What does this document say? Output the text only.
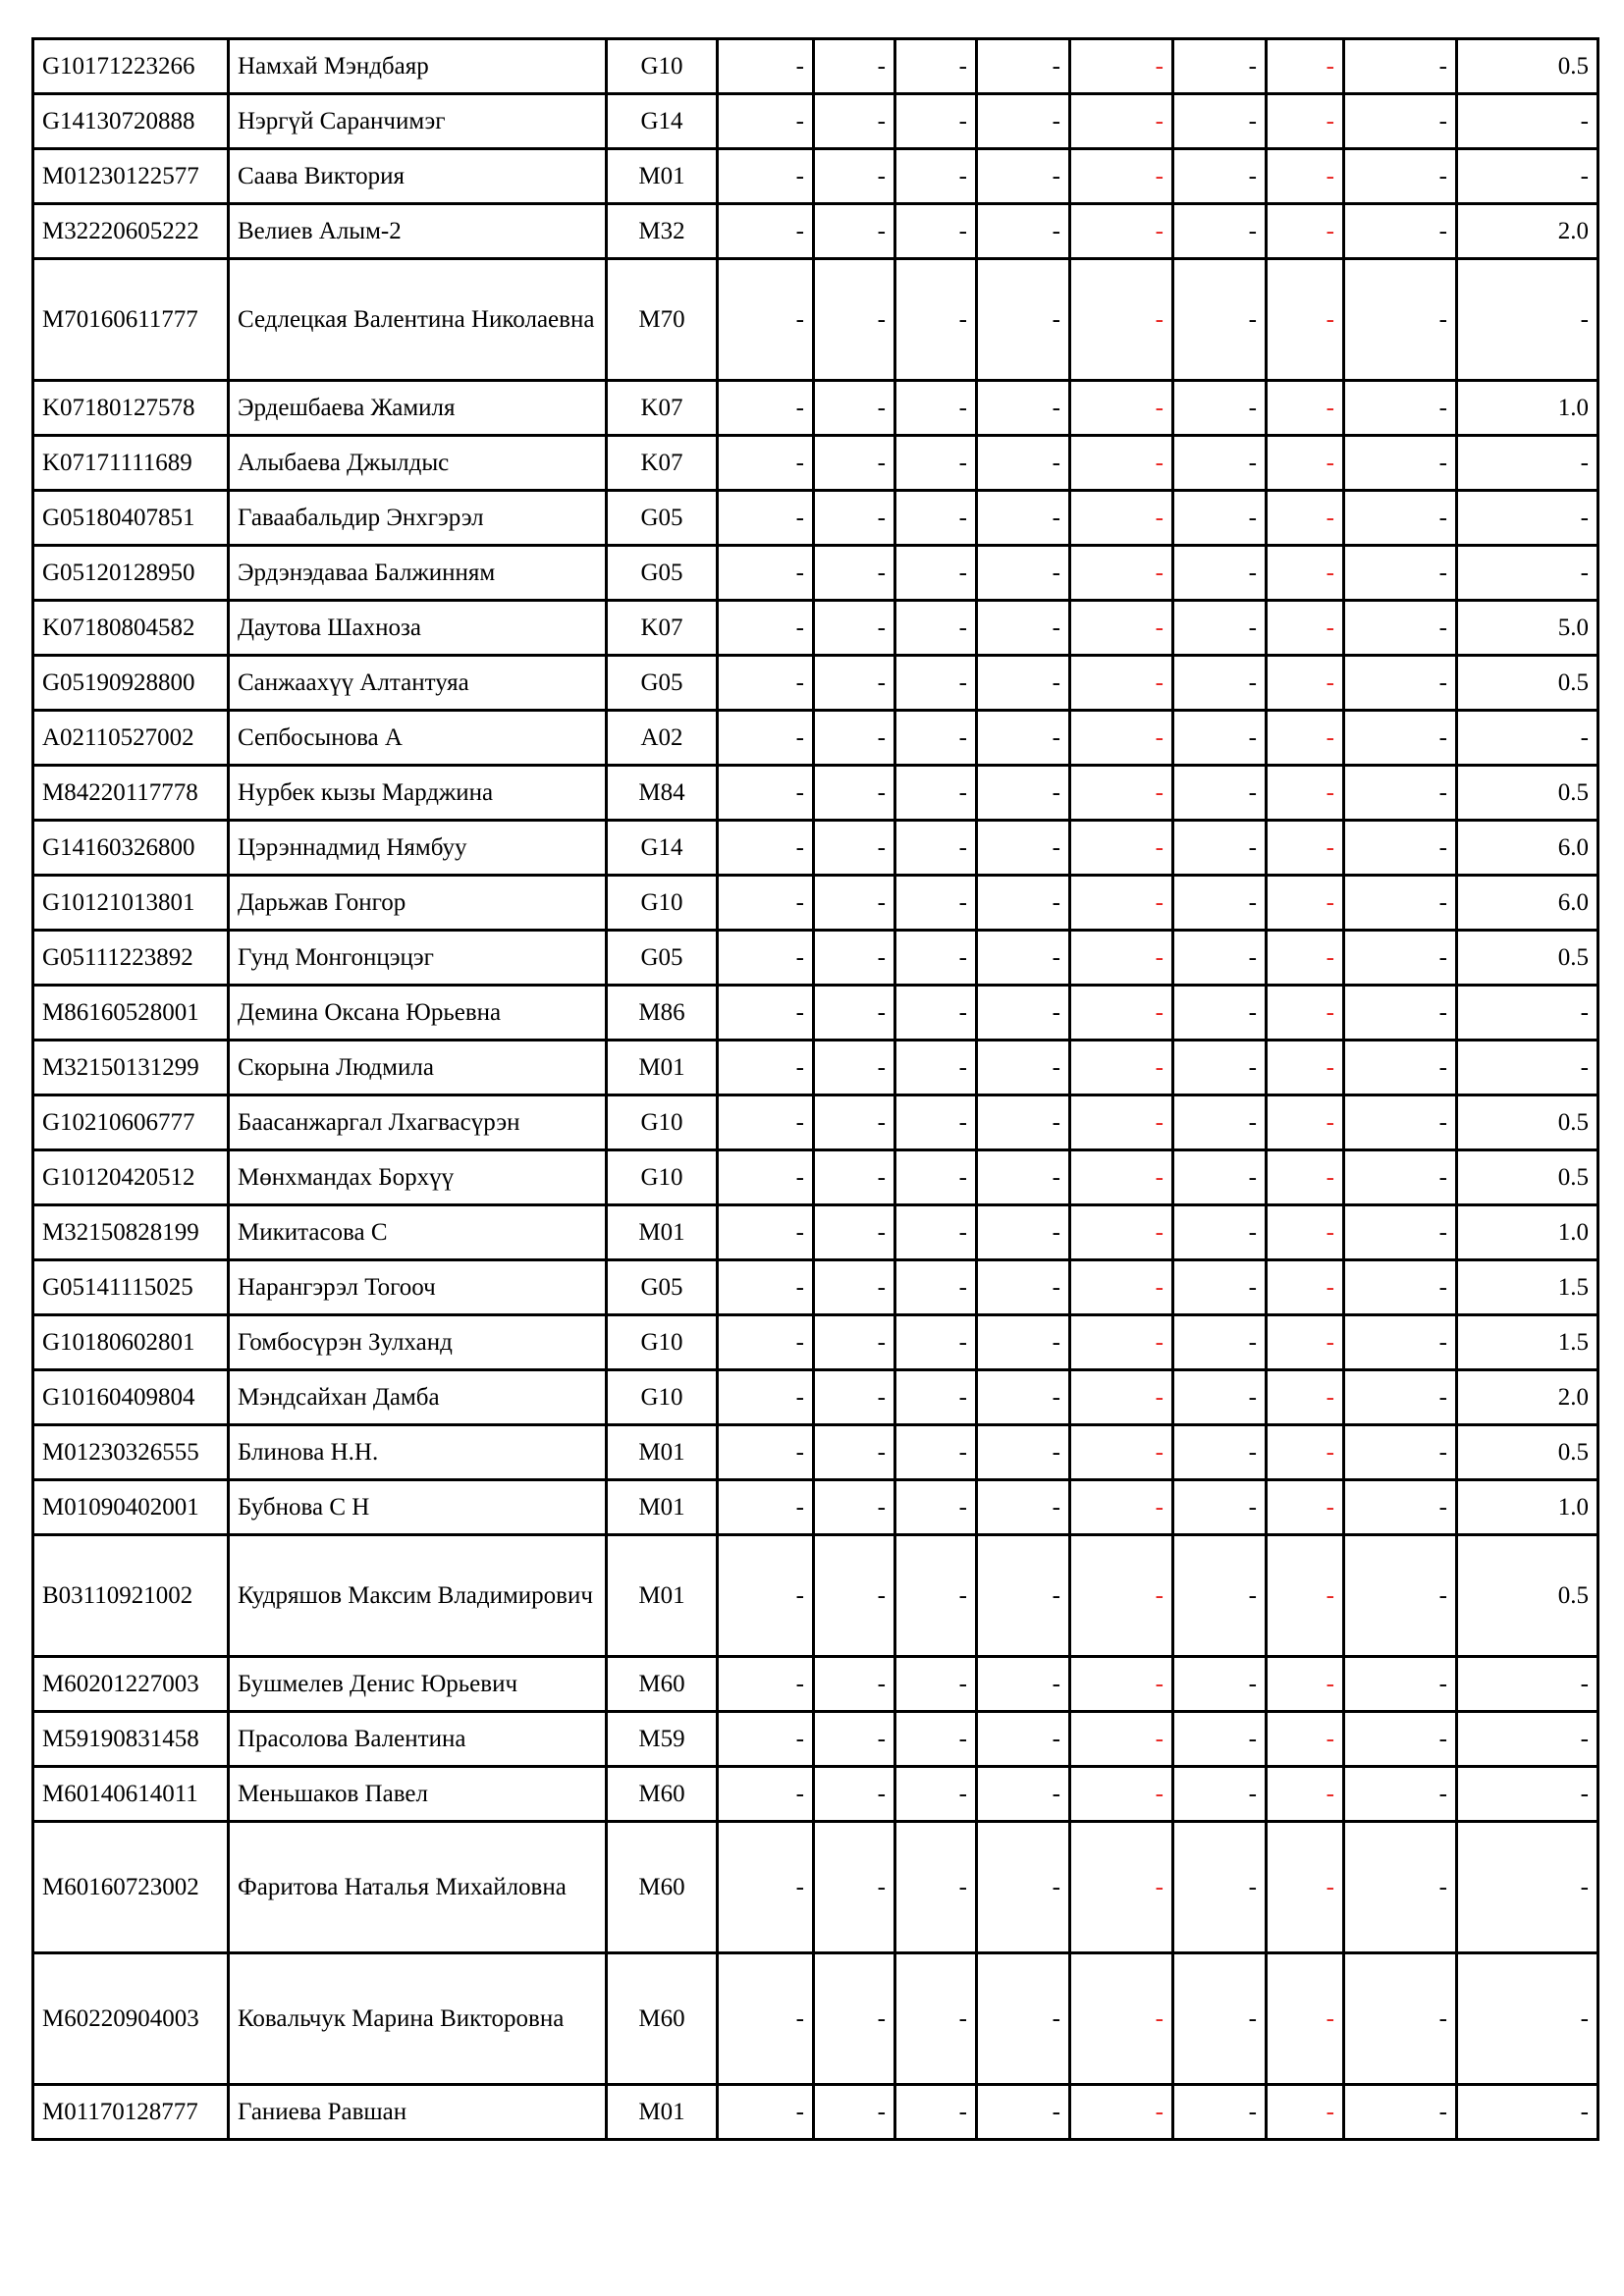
G10171223266	Намхай Мэндбаяр	G10	-	-	-	-	-	-	-	-	0.5
G14130720888	Нэргүй Саранчимэг	G14	-	-	-	-	-	-	-	-	-
M01230122577	Саава Виктория	M01	-	-	-	-	-	-	-	-	-
M32220605222	Велиев Алым-2	M32	-	-	-	-	-	-	-	-	2.0
M70160611777	Седлецкая Валентина Николаевна	M70	-	-	-	-	-	-	-	-	-
K07180127578	Эрдешбаева Жамиля	K07	-	-	-	-	-	-	-	-	1.0
K07171111689	Алыбаева Джылдыс	K07	-	-	-	-	-	-	-	-	-
G05180407851	Гаваабальдир Энхгэрэл	G05	-	-	-	-	-	-	-	-	-
G05120128950	Эрдэнэдаваа Балжинням	G05	-	-	-	-	-	-	-	-	-
K07180804582	Даутова Шахноза	K07	-	-	-	-	-	-	-	-	5.0
G05190928800	Санжаахүү Алтантуяа	G05	-	-	-	-	-	-	-	-	0.5
A02110527002	Сепбосынова А	A02	-	-	-	-	-	-	-	-	-
M84220117778	Нурбек кызы Марджина	M84	-	-	-	-	-	-	-	-	0.5
G14160326800	Цэрэннадмид Нямбуу	G14	-	-	-	-	-	-	-	-	6.0
G10121013801	Дарьжав Гонгор	G10	-	-	-	-	-	-	-	-	6.0
G05111223892	Гунд Монгонцэцэг	G05	-	-	-	-	-	-	-	-	0.5
M86160528001	Демина Оксана Юрьевна	M86	-	-	-	-	-	-	-	-	-
M32150131299	Скорына Людмила	M01	-	-	-	-	-	-	-	-	-
G10210606777	Баасанжаргал Лхагвасүрэн	G10	-	-	-	-	-	-	-	-	0.5
G10120420512	Мөнхмандах Борхүү	G10	-	-	-	-	-	-	-	-	0.5
M32150828199	Микитасова С	M01	-	-	-	-	-	-	-	-	1.0
G05141115025	Нарангэрэл Тогооч	G05	-	-	-	-	-	-	-	-	1.5
G10180602801	Гомбосүрэн Зулханд	G10	-	-	-	-	-	-	-	-	1.5
G10160409804	Мэндсайхан Дамба	G10	-	-	-	-	-	-	-	-	2.0
M01230326555	Блинова Н.Н.	M01	-	-	-	-	-	-	-	-	0.5
M01090402001	Бубнова С Н	M01	-	-	-	-	-	-	-	-	1.0
B03110921002	Кудряшов Максим Владимирович	M01	-	-	-	-	-	-	-	-	0.5
M60201227003	Бушмелев Денис Юрьевич	M60	-	-	-	-	-	-	-	-	-
M59190831458	Прасолова Валентина	M59	-	-	-	-	-	-	-	-	-
M60140614011	Меньшаков Павел	M60	-	-	-	-	-	-	-	-	-
M60160723002	Фаритова Наталья Михайловна	M60	-	-	-	-	-	-	-	-	-
M60220904003	Ковальчук Марина Викторовна	M60	-	-	-	-	-	-	-	-	-
M01170128777	Ганиева Равшан	M01	-	-	-	-	-	-	-	-	-
